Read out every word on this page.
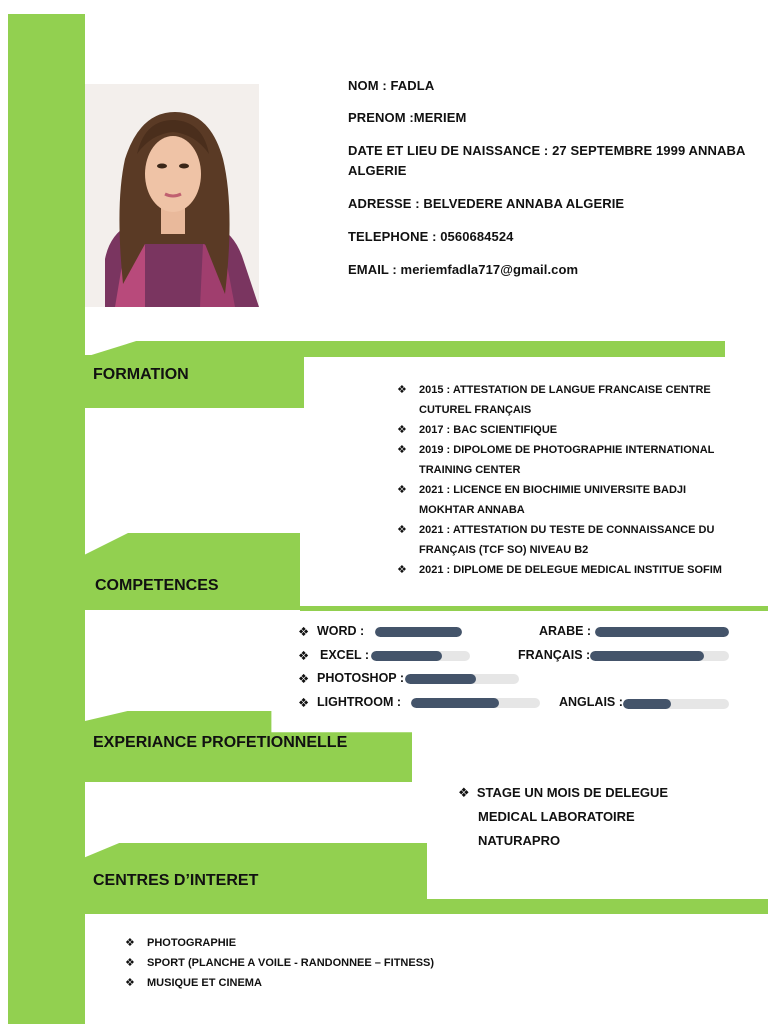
NOM : FADLA
PRENOM :MERIEM
DATE ET LIEU DE NAISSANCE : 27 SEPTEMBRE 1999 ANNABA
ALGERIE
ADRESSE : BELVEDERE ANNABA ALGERIE
TELEPHONE : 0560684524
EMAIL : meriemfadla717@gmail.com
FORMATION
COMPETENCES
EXPERIANCE PROFETIONNELLE
CENTRES D’INTERET
❖ 2015 : ATTESTATION DE LANGUE FRANCAISE CENTRE
CUTUREL FRANÇAIS
❖ 2017 : BAC SCIENTIFIQUE
❖ 2019 : DIPOLOME DE PHOTOGRAPHIE INTERNATIONAL
TRAINING CENTER
❖ 2021 : LICENCE EN BIOCHIMIE UNIVERSITE BADJI
MOKHTAR ANNABA
❖ 2021 : ATTESTATION DU TESTE DE CONNAISSANCE DU
FRANÇAIS (TCF SO) NIVEAU B2
❖ 2021 : DIPLOME DE DELEGUE MEDICAL INSTITUE SOFIM
❖ WORD :
❖ EXCEL :
❖ PHOTOSHOP :
❖ LIGHTROOM :
ARABE :
FRANÇAIS :
ANGLAIS :
❖ STAGE UN MOIS DE DELEGUE
MEDICAL LABORATOIRE
NATURAPRO
❖ PHOTOGRAPHIE
❖ SPORT (PLANCHE A VOILE - RANDONNEE – FITNESS)
❖ MUSIQUE ET CINEMA
